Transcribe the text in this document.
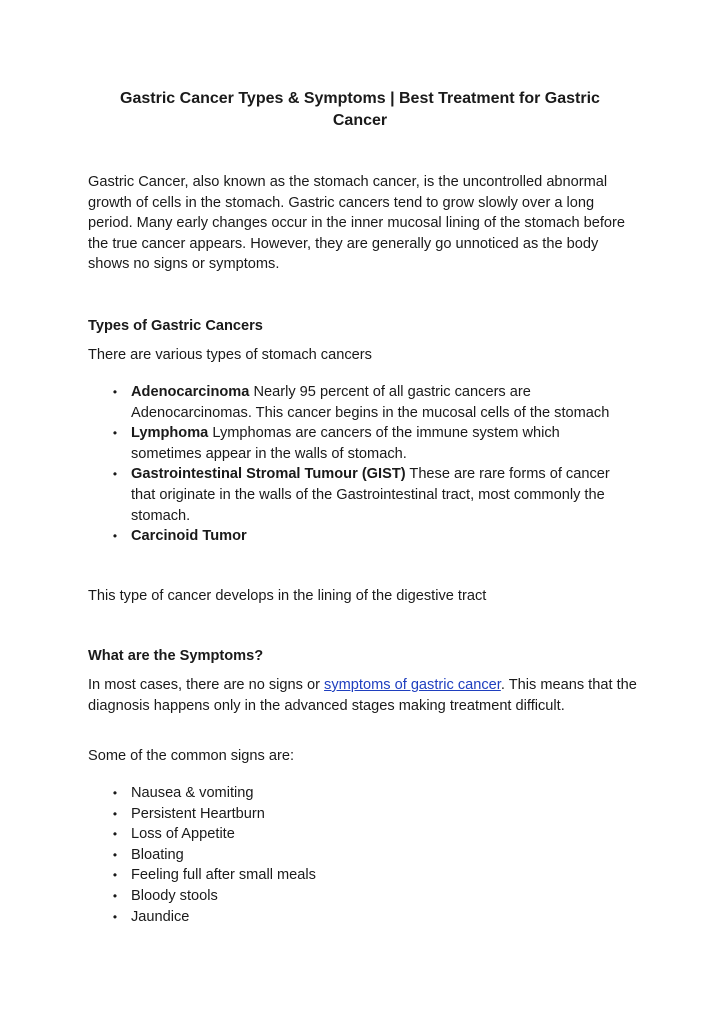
Gastric Cancer Types & Symptoms | Best Treatment for Gastric Cancer

Gastric Cancer, also known as the stomach cancer, is the uncontrolled abnormal growth of cells in the stomach. Gastric cancers tend to grow slowly over a long period. Many early changes occur in the inner mucosal lining of the stomach before the true cancer appears. However, they are generally go unnoticed as the body shows no signs or symptoms.

Types of Gastric Cancers

There are various types of stomach cancers

• Adenocarcinoma Nearly 95 percent of all gastric cancers are Adenocarcinomas. This cancer begins in the mucosal cells of the stomach
• Lymphoma Lymphomas are cancers of the immune system which sometimes appear in the walls of stomach.
• Gastrointestinal Stromal Tumour (GIST) These are rare forms of cancer that originate in the walls of the Gastrointestinal tract, most commonly the stomach.
• Carcinoid Tumor

This type of cancer develops in the lining of the digestive tract

What are the Symptoms?

In most cases, there are no signs or symptoms of gastric cancer. This means that the diagnosis happens only in the advanced stages making treatment difficult.

Some of the common signs are:

• Nausea & vomiting
• Persistent Heartburn
• Loss of Appetite
• Bloating
• Feeling full after small meals
• Bloody stools
• Jaundice
